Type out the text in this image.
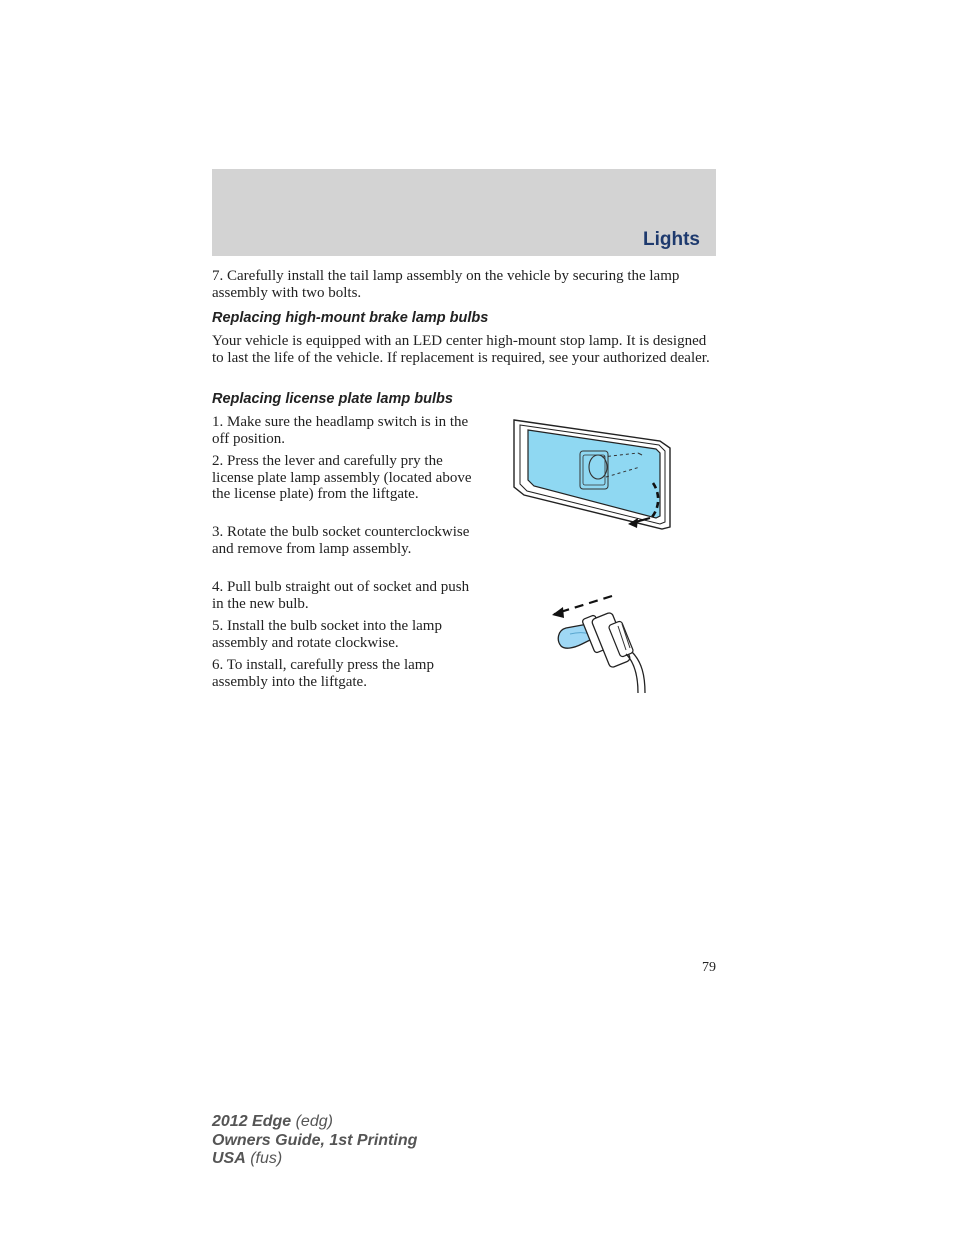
Lights
7. Carefully install the tail lamp assembly on the vehicle by securing the lamp assembly with two bolts.
Replacing high-mount brake lamp bulbs
Your vehicle is equipped with an LED center high-mount stop lamp. It is designed to last the life of the vehicle. If replacement is required, see your authorized dealer.
Replacing license plate lamp bulbs
1. Make sure the headlamp switch is in the off position.
2. Press the lever and carefully pry the license plate lamp assembly (located above the license plate) from the liftgate.
3. Rotate the bulb socket counterclockwise and remove from lamp assembly.
4. Pull bulb straight out of socket and push in the new bulb.
5. Install the bulb socket into the lamp assembly and rotate clockwise.
6. To install, carefully press the lamp assembly into the liftgate.
79
2012 Edge (edg)
Owners Guide, 1st Printing
USA (fus)
